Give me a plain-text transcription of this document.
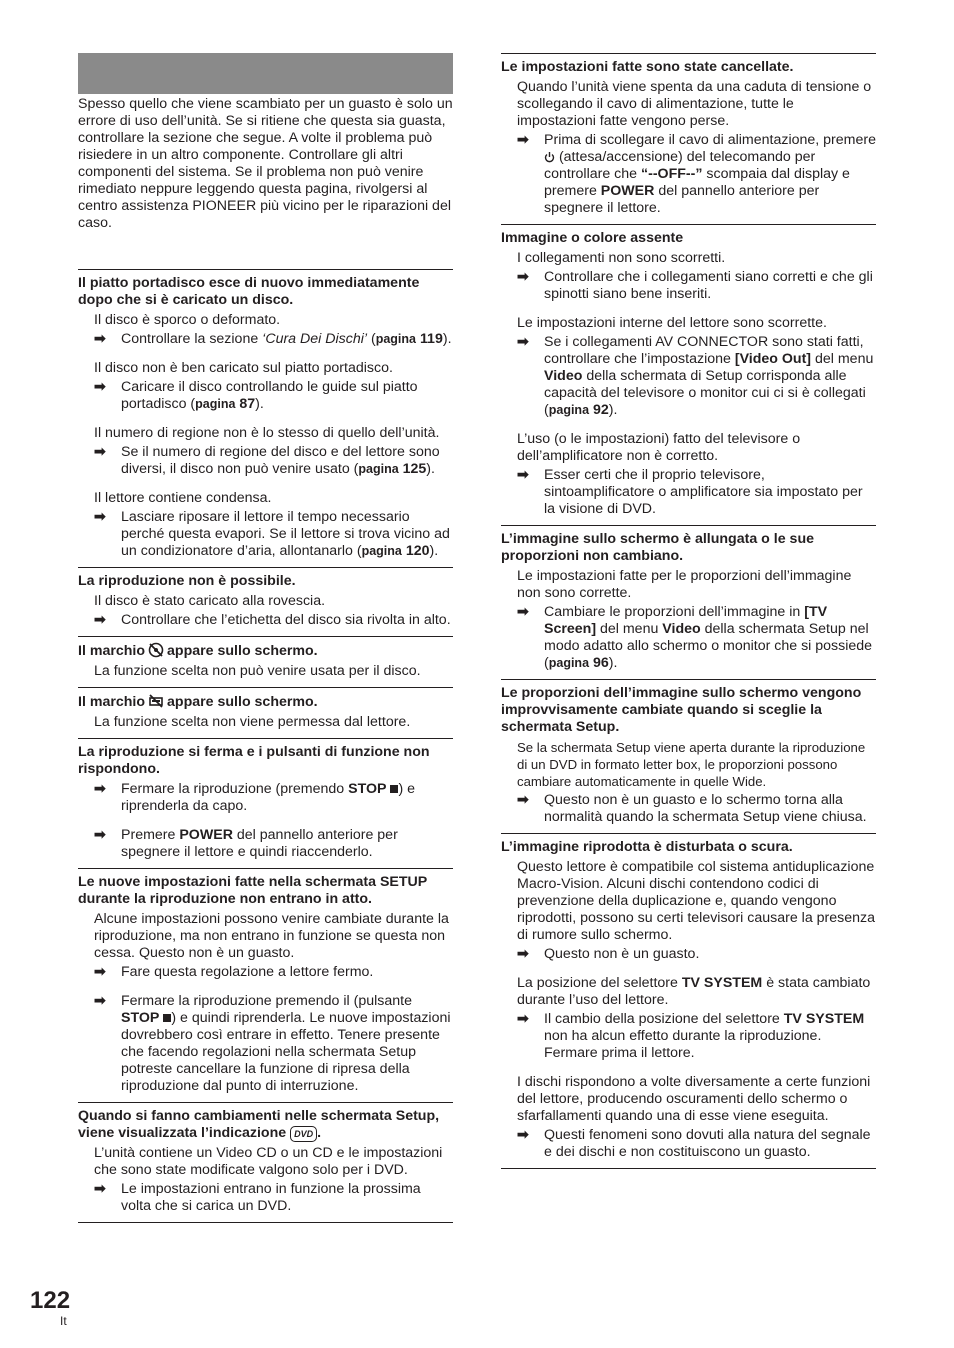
Spesso quello che viene scambiato per un guasto è solo un errore di uso dell’unità. Se si ritiene che questa sia guasta, controllare la sezione che segue. A volte il problema può risiedere in un altro componente. Controllare gli altri componenti del sistema. Se il problema non può venire rimediato neppure leggendo questa pagina, rivolgersi al centro assistenza PIONEER più vicino per le riparazioni del caso.

Il piatto portadisco esce di nuovo immediatamente dopo che si è caricato un disco.
Il disco è sporco o deformato.
➡	Controllare la sezione ‘Cura Dei Dischi’ (pagina 119).
Il disco non è ben caricato sul piatto portadisco.
➡	Caricare il disco controllando le guide sul piatto portadisco (pagina 87).
Il numero di regione non è lo stesso di quello dell’unità.
➡	Se il numero di regione del disco e del lettore sono diversi, il disco non può venire usato (pagina 125).
Il lettore contiene condensa.
➡	Lasciare riposare il lettore il tempo necessario perché questa evapori. Se il lettore si trova vicino ad un condizionatore d’aria, allontanarlo (pagina 120).
La riproduzione non è possibile.
Il disco è stato caricato alla rovescia.
➡	Controllare che l’etichetta del disco sia rivolta in alto.
Il marchio appare sullo schermo.
La funzione scelta non può venire usata per il disco.
Il marchio appare sullo schermo.
La funzione scelta non viene permessa dal lettore.
La riproduzione si ferma e i pulsanti di funzione non rispondono.
➡	Fermare la riproduzione (premendo STOP ) e riprenderla da capo.
➡	Premere POWER del pannello anteriore per spegnere il lettore e quindi riaccenderlo.
Le nuove impostazioni fatte nella schermata SETUP durante la riproduzione non entrano in atto.
Alcune impostazioni possono venire cambiate durante la riproduzione, ma non entrano in funzione se questa non cessa. Questo non è un guasto.
➡	Fare questa regolazione a lettore fermo.
➡	Fermare la riproduzione premendo il (pulsante STOP ) e quindi riprenderla. Le nuove impostazioni dovrebbero così entrare in effetto. Tenere presente che facendo regolazioni nella schermata Setup potreste cancellare la funzione di ripresa della riproduzione dal punto di interruzione.
Quando si fanno cambiamenti nelle schermata Setup, viene visualizzata l’indicazione DVD .
L’unità contiene un Video CD o un CD e le impostazioni che sono state modificate valgono solo per i DVD.
➡	Le impostazioni entrano in funzione la prossima volta che si carica un DVD.
Le impostazioni fatte sono state cancellate.
Quando l’unità viene spenta da una caduta di tensione o scollegando il cavo di alimentazione, tutte le impostazioni fatte vengono perse.
➡	Prima di scollegare il cavo di alimentazione, premere  (attesa/accensione) del telecomando per controllare che “--OFF--” scompaia dal display e premere POWER del pannello anteriore per spegnere il lettore.
Immagine o colore assente
I collegamenti non sono scorretti.
➡	Controllare che i collegamenti siano corretti e che gli spinotti siano bene inseriti.
Le impostazioni interne del lettore sono scorrette.
➡	Se i collegamenti AV CONNECTOR sono stati fatti, controllare che l’impostazione [Video Out] del menu Video della schermata di Setup corrisponda alle capacità del televisore o monitor cui ci si è collegati (pagina 92).
L’uso (o le impostazioni) fatto del televisore o dell’amplificatore non è corretto.
➡	Esser certi che il proprio televisore, sintoamplificatore o amplificatore sia impostato per la visione di DVD.
L’immagine sullo schermo è allungata o le sue proporzioni non cambiano.
Le impostazioni fatte per le proporzioni dell’immagine non sono corrette.
➡	Cambiare le proporzioni dell’immagine in [TV Screen] del menu Video della schermata Setup nel modo adatto allo schermo o monitor che si possiede (pagina 96).
Le proporzioni dell’immagine sullo schermo vengono improvvisamente cambiate quando si sceglie la schermata Setup.
Se la schermata Setup viene aperta durante la riproduzione di un DVD in formato letter box, le proporzioni possono cambiare automaticamente in quelle Wide.
➡	Questo non è un guasto e lo schermo torna alla normalità quando la schermata Setup viene chiusa.
L’immagine riprodotta è disturbata o scura.
Questo lettore è compatibile col sistema antiduplicazione Macro-Vision. Alcuni dischi contendono codici di prevenzione della duplicazione e, quando vengono riprodotti, possono su certi televisori causare la presenza di rumore sullo schermo.
➡	Questo non è un guasto.
La posizione del selettore TV SYSTEM è stata cambiato durante l’uso del lettore.
➡	Il cambio della posizione del selettore TV SYSTEM non ha alcun effetto durante la riproduzione. Fermare prima il lettore.
I dischi rispondono a volte diversamente a certe funzioni del lettore, producendo oscuramenti dello schermo o sfarfallamenti quando una di esse viene eseguita.
➡	Questi fenomeni sono dovuti alla natura del segnale e dei dischi e non costituiscono un guasto.
122
It
